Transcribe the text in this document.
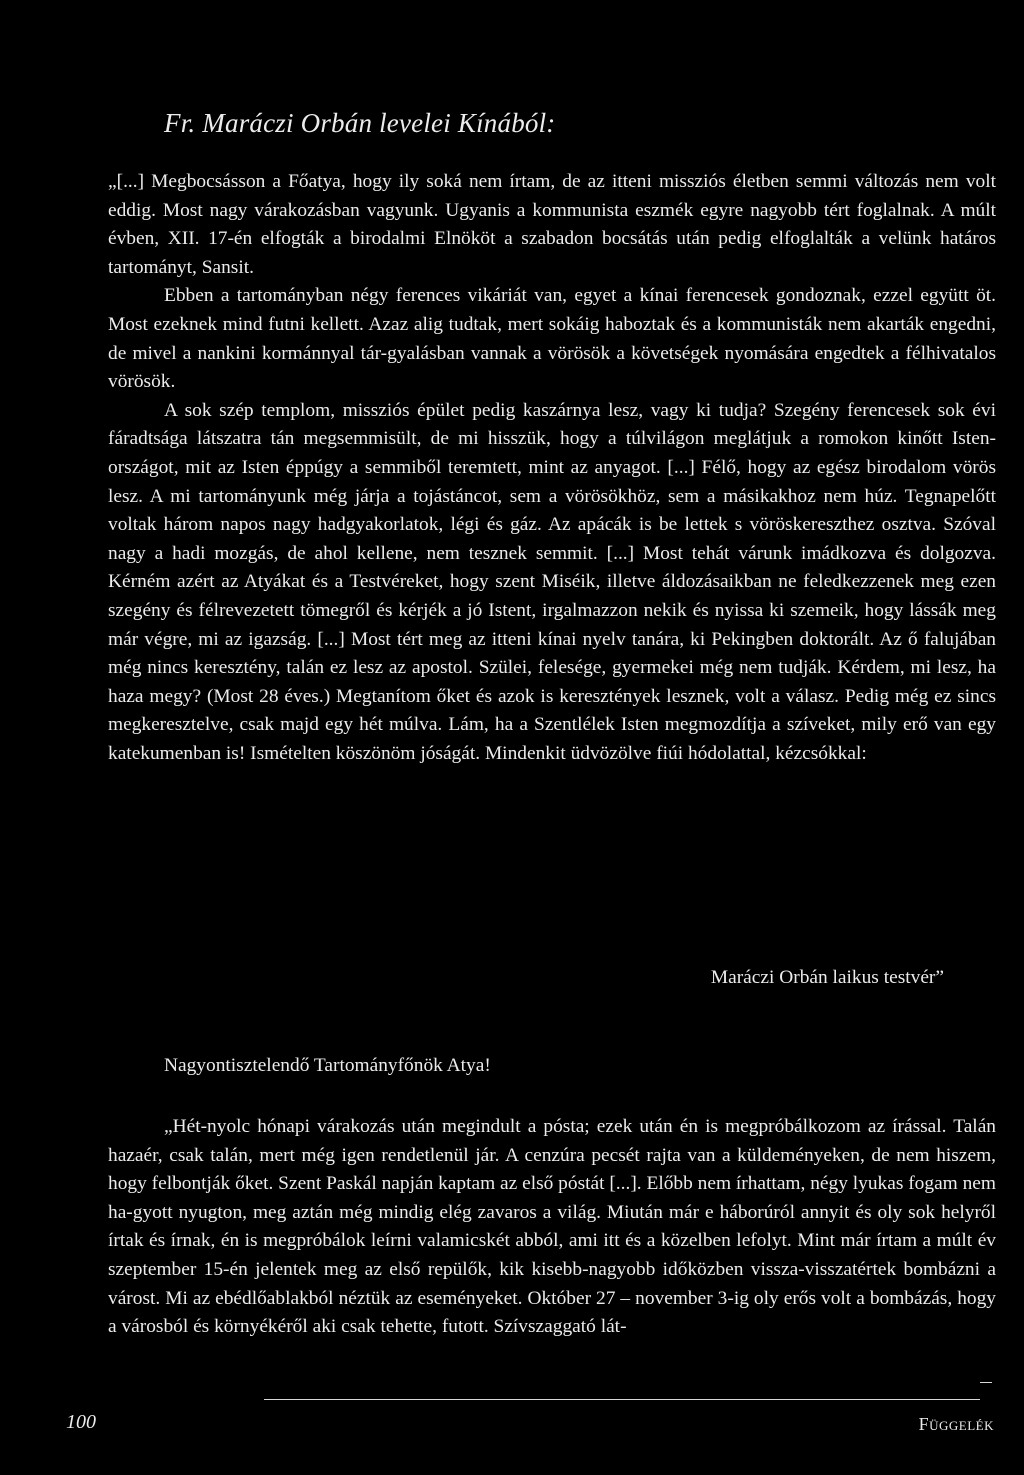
Fr. Maráczi Orbán levelei Kínából:

„[...] Megbocsásson a Főatya, hogy ily soká nem írtam, de az itteni missziós életben semmi változás nem volt eddig. Most nagy várakozásban vagyunk. Ugyanis a kommunista eszmék egyre nagyobb tért foglalnak. A múlt évben, XII. 17-én elfogták a birodalmi Elnököt a szabadon bocsátás után pedig elfoglalták a velünk határos tartományt, Sansit.

Ebben a tartományban négy ferences vikáriát van, egyet a kínai ferencesek gondoznak, ezzel együtt öt. Most ezeknek mind futni kellett. Azaz alig tudtak, mert sokáig haboztak és a kommunisták nem akarták engedni, de mivel a nankini kormánnyal tár-gyalásban vannak a vörösök a követségek nyomására engedtek a félhivatalos vörösök.

A sok szép templom, missziós épület pedig kaszárnya lesz, vagy ki tudja? Szegény ferencesek sok évi fáradtsága látszatra tán megsemmisült, de mi hisszük, hogy a túlvilágon meglátjuk a romokon kinőtt Isten-országot, mit az Isten éppúgy a semmiből teremtett, mint az anyagot. [...] Félő, hogy az egész birodalom vörös lesz. A mi tartományunk még járja a tojástáncot, sem a vörösökhöz, sem a másikakhoz nem húz. Tegnapelőtt voltak három napos nagy hadgyakorlatok, légi és gáz. Az apácák is be lettek s vöröskereszthez osztva. Szóval nagy a hadi mozgás, de ahol kellene, nem tesznek semmit. [...] Most tehát várunk imádkozva és dolgozva. Kérném azért az Atyákat és a Testvéreket, hogy szent Miséik, illetve áldozásaikban ne feledkezzenek meg ezen szegény és félrevezetett tömegről és kérjék a jó Istent, irgalmazzon nekik és nyissa ki szemeik, hogy lássák meg már végre, mi az igazság. [...] Most tért meg az itteni kínai nyelv tanára, ki Pekingben doktorált. Az ő falujában még nincs keresztény, talán ez lesz az apostol. Szülei, felesége, gyermekei még nem tudják. Kérdem, mi lesz, ha haza megy? (Most 28 éves.) Megtanítom őket és azok is keresztények lesznek, volt a válasz. Pedig még ez sincs megkeresztelve, csak majd egy hét múlva. Lám, ha a Szentlélek Isten megmozdítja a szíveket, mily erő van egy katekumenban is! Ismételten köszönöm jóságát. Mindenkit üdvözölve fiúi hódolattal, kézcsókkal:

Maráczi Orbán laikus testvér”

Nagyontisztelendő Tartományfőnök Atya!

„Hét-nyolc hónapi várakozás után megindult a pósta; ezek után én is megpróbálkozom az írással. Talán hazaér, csak talán, mert még igen rendetlenül jár. A cenzúra pecsét rajta van a küldeményeken, de nem hiszem, hogy felbontják őket. Szent Paskál napján kaptam az első póstát [...]. Előbb nem írhattam, négy lyukas fogam nem ha-gyott nyugton, meg aztán még mindig elég zavaros a világ. Miután már e háborúról annyit és oly sok helyről írtak és írnak, én is megpróbálok leírni valamicskét abból, ami itt és a közelben lefolyt. Mint már írtam a múlt év szeptember 15-én jelentek meg az első repülők, kik kisebb-nagyobb időközben vissza-visszatértek bombázni a várost. Mi az ebédlőablakból néztük az eseményeket. Október 27 – november 3-ig oly erős volt a bombázás, hogy a városból és környékéről aki csak tehette, futott. Szívszaggató lát-

100	Függelék
